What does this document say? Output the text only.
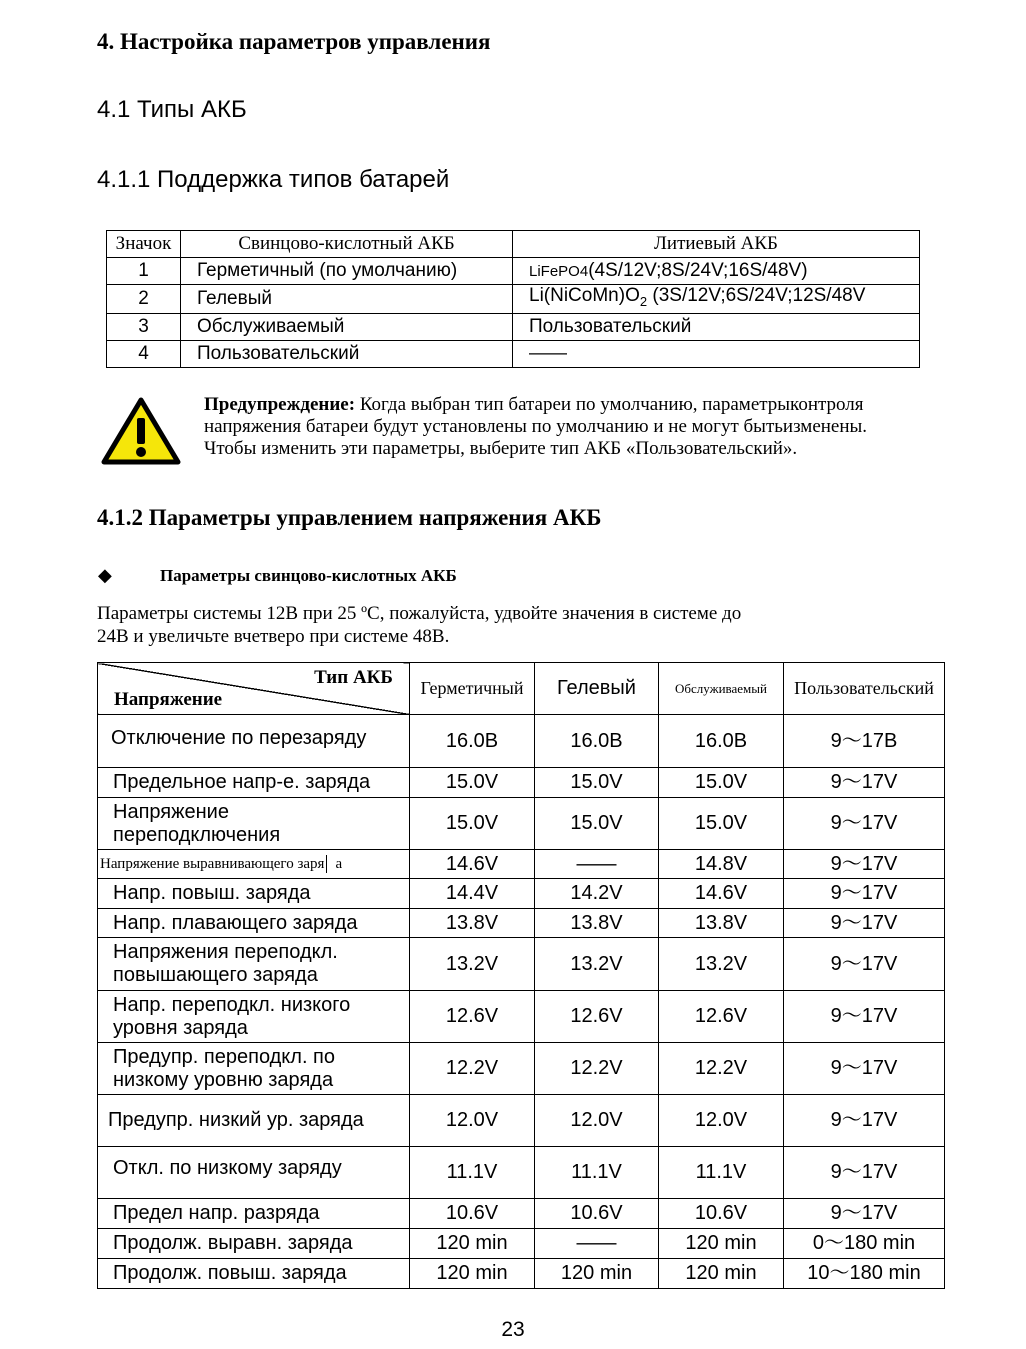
4. Настройка параметров управления
4.1 Типы АКБ
4.1.1 Поддержка типов батарей
Значок	Свинцово-кислотный АКБ	Литиевый АКБ
1	Герметичный (по умолчанию)	LiFePO4(4S/12V;8S/24V;16S/48V)
2	Гелевый	$Li(NiCoMn)O_2$ (3S/12V;6S/24V;12S/48V
3	Обслуживаемый	Пользовательский
4	Пользовательский	——
Предупреждение: Когда выбран тип батареи по умолчанию, параметрыконтроля
напряжения батареи будут установлены по умолчанию и не могут бытьизменены.
Чтобы изменить эти параметры, выберите тип АКБ «Пользовательский».
4.1.2 Параметры управлением напряжения АКБ
◆	Параметры свинцово-кислотных АКБ
Параметры системы 12В при 25 ºC, пожалуйста, удвойте значения в системе до
24В и увеличьте вчетверо при системе 48В.
Тип АКБ
Напряжение	Герметичный	Гелевый	Обслуживаемый	Пользовательский
Отключение по перезаряду	16.0В	16.0В	16.0В	9～17В
Предельное напр-е. заряда	15.0V	15.0V	15.0V	9～17V
Напряжение переподключения	15.0V	15.0V	15.0V	9～17V
Напряжение выравнивающего заря а	14.6V	——	14.8V	9～17V
Напр. повыш. заряда	14.4V	14.2V	14.6V	9～17V
Напр. плавающего заряда	13.8V	13.8V	13.8V	9～17V
Напряжения переподкл. повышающего заряда	13.2V	13.2V	13.2V	9～17V
Напр. переподкл. низкого уровня заряда	12.6V	12.6V	12.6V	9～17V
Предупр. переподкл. по низкому уровню заряда	12.2V	12.2V	12.2V	9～17V
Предупр. низкий ур. заряда	12.0V	12.0V	12.0V	9～17V
Откл. по низкому заряду	11.1V	11.1V	11.1V	9～17V
Предел напр. разряда	10.6V	10.6V	10.6V	9～17V
Продолж. выравн. заряда	120 min	——	120 min	0～180 min
Продолж. повыш. заряда	120 min	120 min	120 min	10～180 min
23
